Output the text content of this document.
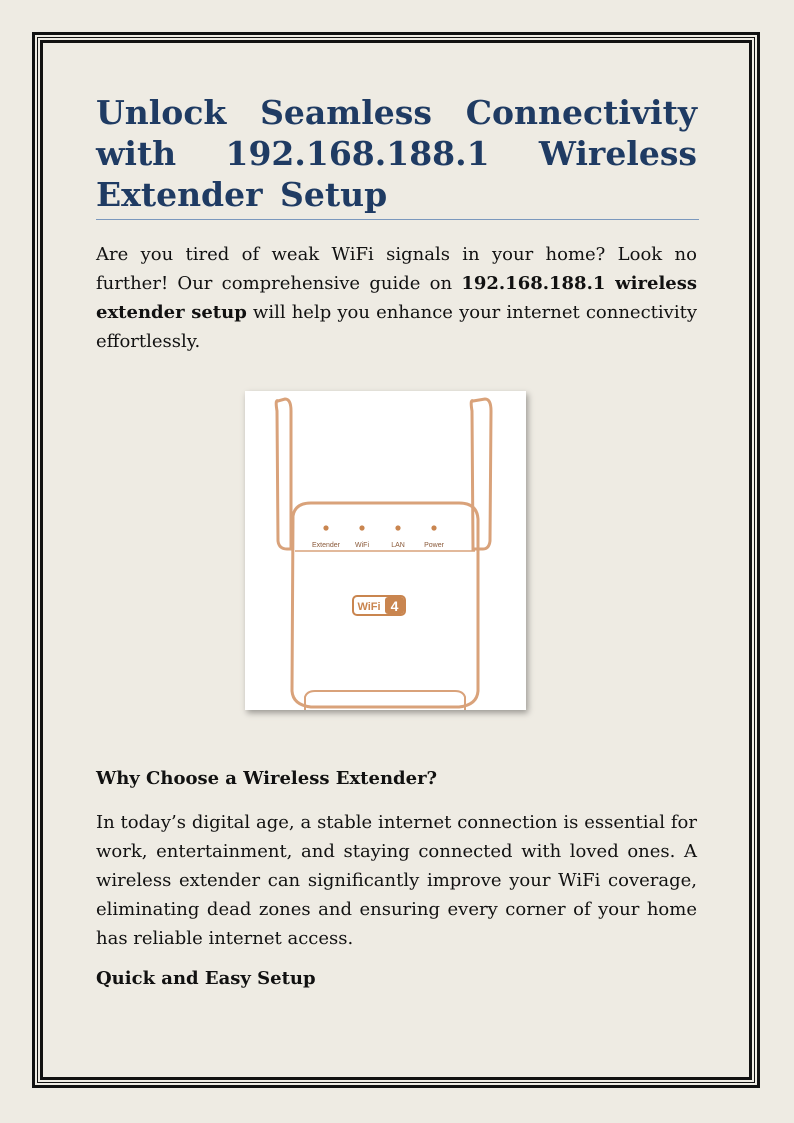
Unlock Seamless Connectivity with 192.168.188.1 Wireless Extender Setup

Are you tired of weak WiFi signals in your home? Look no further! Our comprehensive guide on 192.168.188.1 wireless extender setup will help you enhance your internet connectivity effortlessly.

Extender WiFi	LAN	Power
WiFi 4
Why Choose a Wireless Extender?

In today’s digital age, a stable internet connection is essential for work, entertainment, and staying connected with loved ones. A wireless extender can significantly improve your WiFi coverage, eliminating dead zones and ensuring every corner of your home has reliable internet access.

Quick and Easy Setup
